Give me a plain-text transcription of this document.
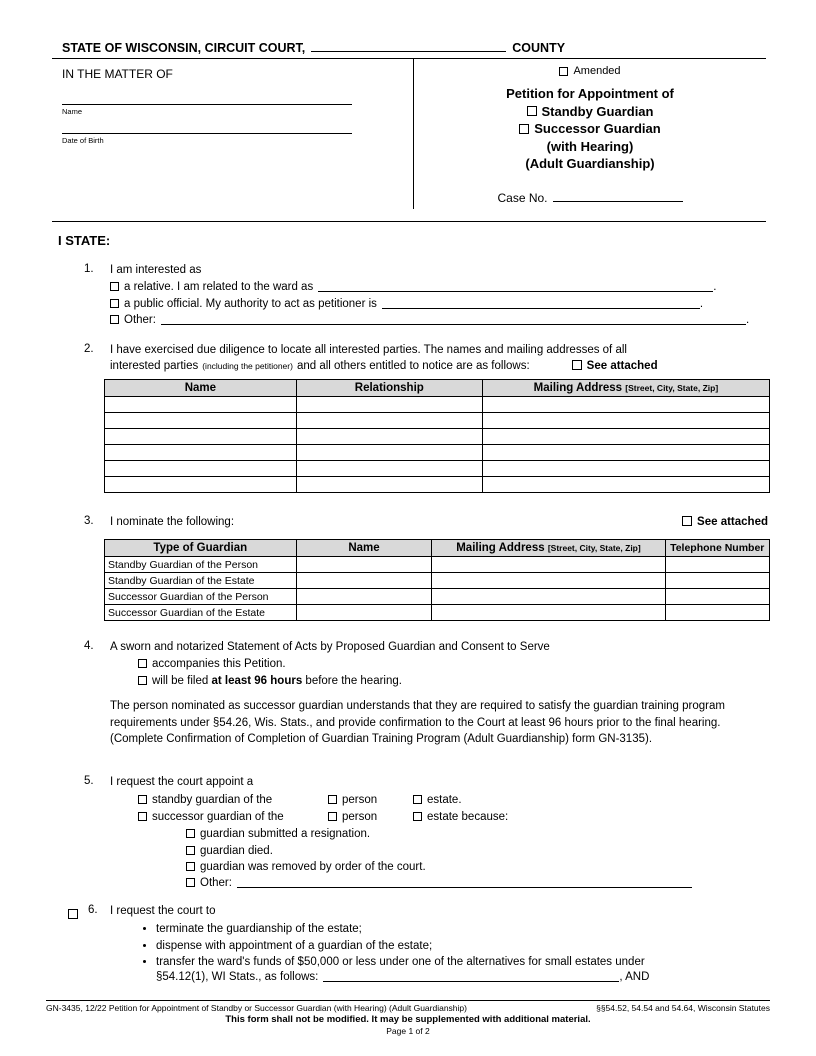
STATE OF WISCONSIN, CIRCUIT COURT,	COUNTY
IN THE MATTER OF
Name
Date of Birth
Amended
Petition for Appointment of
Standby Guardian
Successor Guardian
(with Hearing)
(Adult Guardianship)
Case No.
I STATE:
1. I am interested as
a relative. I am related to the ward as	.
a public official. My authority to act as petitioner is	.
Other:	.
2. I have exercised due diligence to locate all interested parties. The names and mailing addresses of all
interested parties (including the petitioner) and all others entitled to notice are as follows:	See attached
Name	Relationship	Mailing Address [Street, City, State, Zip]

3. I nominate the following:	See attached
Type of Guardian	Name	Mailing Address [Street, City, State, Zip]	Telephone Number
Standby Guardian of the Person			
Standby Guardian of the Estate			
Successor Guardian of the Person			
Successor Guardian of the Estate			
4. A sworn and notarized Statement of Acts by Proposed Guardian and Consent to Serve
accompanies this Petition.
will be filed at least 96 hours before the hearing.
The person nominated as successor guardian understands that they are required to satisfy the guardian training program requirements under §54.26, Wis. Stats., and provide confirmation to the Court at least 96 hours prior to the final hearing. (Complete Confirmation of Completion of Guardian Training Program (Adult Guardianship) form GN-3135).
5. I request the court appoint a
standby guardian of the	person	estate.
successor guardian of the	person	estate because:
guardian submitted a resignation.
guardian died.
guardian was removed by order of the court.
Other:
6. I request the court to
• terminate the guardianship of the estate;
• dispense with appointment of a guardian of the estate;
• transfer the ward's funds of $50,000 or less under one of the alternatives for small estates under
§54.12(1), WI Stats., as follows:	, AND
GN-3435, 12/22 Petition for Appointment of Standby or Successor Guardian (with Hearing) (Adult Guardianship)	§§54.52, 54.54 and 54.64, Wisconsin Statutes
This form shall not be modified. It may be supplemented with additional material.
Page 1 of 2
